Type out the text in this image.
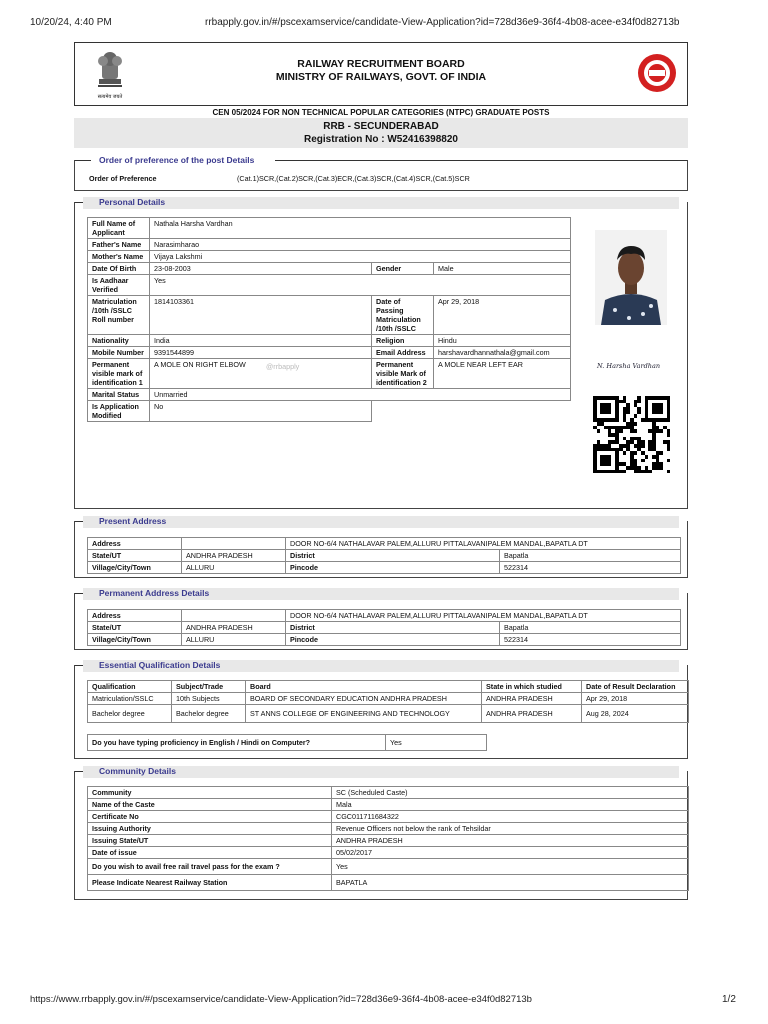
10/20/24, 4:40 PM	rrbapply.gov.in/#/pscexamservice/candidate-View-Application?id=728d36e9-36f4-4b08-acee-e34f0d82713b
https://www.rrbapply.gov.in/#/pscexamservice/candidate-View-Application?id=728d36e9-36f4-4b08-acee-e34f0d82713b	1/2
सत्यमेव जयते
RAILWAY RECRUITMENT BOARD
MINISTRY OF RAILWAYS, GOVT. OF INDIA
CEN 05/2024 FOR NON TECHNICAL POPULAR CATEGORIES (NTPC) GRADUATE POSTS
RRB - SECUNDERABAD
Registration No : W52416398820
Order of preference of the post Details
Order of Preference	(Cat.1)SCR,(Cat.2)SCR,(Cat.3)ECR,(Cat.3)SCR,(Cat.4)SCR,(Cat.5)SCR
Personal Details
Full Name of Applicant	Nathala Harsha Vardhan		
Father's Name	Narasimharao		
Mother's Name	Vijaya Lakshmi		
Date Of Birth	23-08-2003	Gender	Male
Is Aadhaar Verified	Yes		
Matriculation /10th /SSLC Roll number	1814103361	Date of Passing Matriculation /10th /SSLC	Apr 29, 2018
Nationality	India	Religion	Hindu
Mobile Number	9391544899	Email Address	harshavardhannathala@gmail.com
Permanent visible mark of identification 1	A MOLE ON RIGHT ELBOW @rrbapply	Permanent visible Mark of identification 2	A MOLE NEAR LEFT EAR
Marital Status	Unmarried		
Is Application Modified	No		
N. Harsha Vardhan
Present Address
Address		DOOR NO-6/4 NATHALAVAR PALEM,ALLURU PITTALAVANIPALEM MANDAL,BAPATLA DT	
State/UT	ANDHRA PRADESH	District	Bapatla
Village/City/Town	ALLURU	Pincode	522314
Permanent Address Details
Address		DOOR NO-6/4 NATHALAVAR PALEM,ALLURU PITTALAVANIPALEM MANDAL,BAPATLA DT	
State/UT	ANDHRA PRADESH	District	Bapatla
Village/City/Town	ALLURU	Pincode	522314
Essential Qualification Details
Qualification	Subject/Trade	Board	State in which studied	Date of Result Declaration
Matriculation/SSLC	10th Subjects	BOARD OF SECONDARY EDUCATION ANDHRA PRADESH	ANDHRA PRADESH	Apr 29, 2018
Bachelor degree	Bachelor degree	ST ANNS COLLEGE OF ENGINEERING AND TECHNOLOGY	ANDHRA PRADESH	Aug 28, 2024
Do you have typing proficiency in English / Hindi on Computer?	Yes
Community Details
Community	SC (Scheduled Caste)
Name of the Caste	Mala
Certificate No	CGC011711684322
Issuing Authority	Revenue Officers not below the rank of Tehsildar
Issuing State/UT	ANDHRA PRADESH
Date of issue	05/02/2017
Do you wish to avail free rail travel pass for the exam ?	Yes
Please Indicate Nearest Railway Station	BAPATLA
